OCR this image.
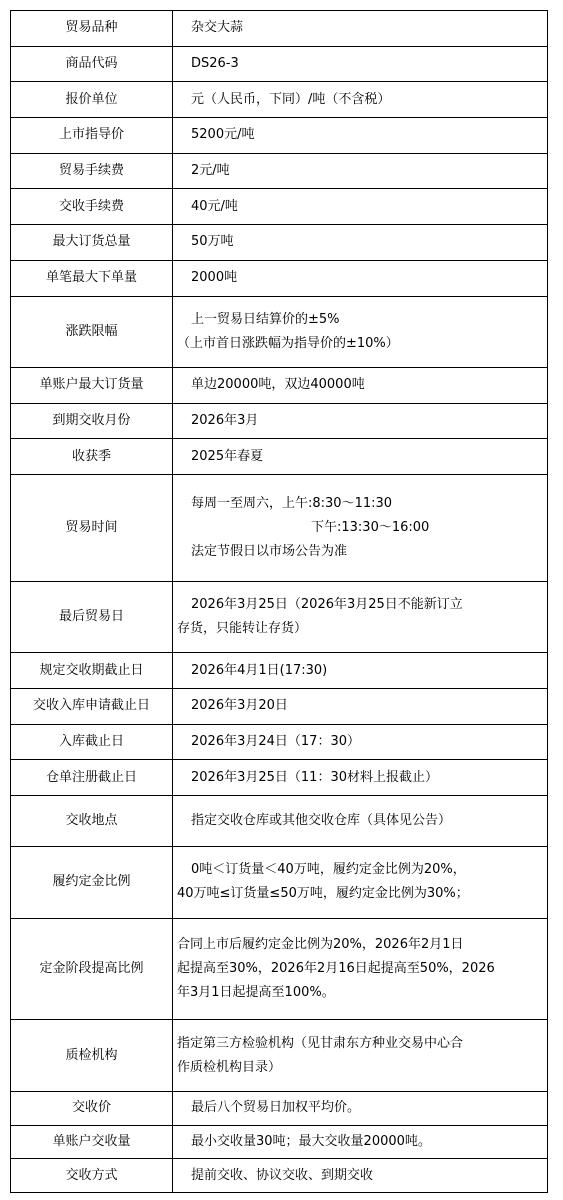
贸易品种	杂交大蒜

商品代码	DS26-3

报价单位	元（人民币，下同）/吨（不含税）

上市指导价	5200元/吨

贸易手续费	2元/吨

交收手续费	40元/吨

最大订货总量	50万吨

单笔最大下单量	2000吨

涨跌限幅	上一贸易日结算价的±5%
（上市首日涨跌幅为指导价的±10%）

单账户最大订货量	单边20000吨，双边40000吨

到期交收月份	2026年3月

收获季	2025年春夏

贸易时间	每周一至周六，上午:8:30～11:30
下午:13:30～16:00
法定节假日以市场公告为准

最后贸易日	2026年3月25日（2026年3月25日不能新订立
存货，只能转让存货）

规定交收期截止日	2026年4月1日(17:30)

交收入库申请截止日	2026年3月20日

入库截止日	2026年3月24日（17：30）

仓单注册截止日	2026年3月25日（11：30材料上报截止）

交收地点	指定交收仓库或其他交收仓库（具体见公告）

履约定金比例	0吨＜订货量＜40万吨，履约定金比例为20%，
40万吨≤订货量≤50万吨，履约定金比例为30%；

定金阶段提高比例	合同上市后履约定金比例为20%，2026年2月1日
起提高至30%，2026年2月16日起提高至50%，2026
年3月1日起提高至100%。

质检机构	指定第三方检验机构（见甘肃东方种业交易中心合
作质检机构目录）

交收价	最后八个贸易日加权平均价。

单账户交收量	最小交收量30吨；最大交收量20000吨。

交收方式	提前交收、协议交收、到期交收
